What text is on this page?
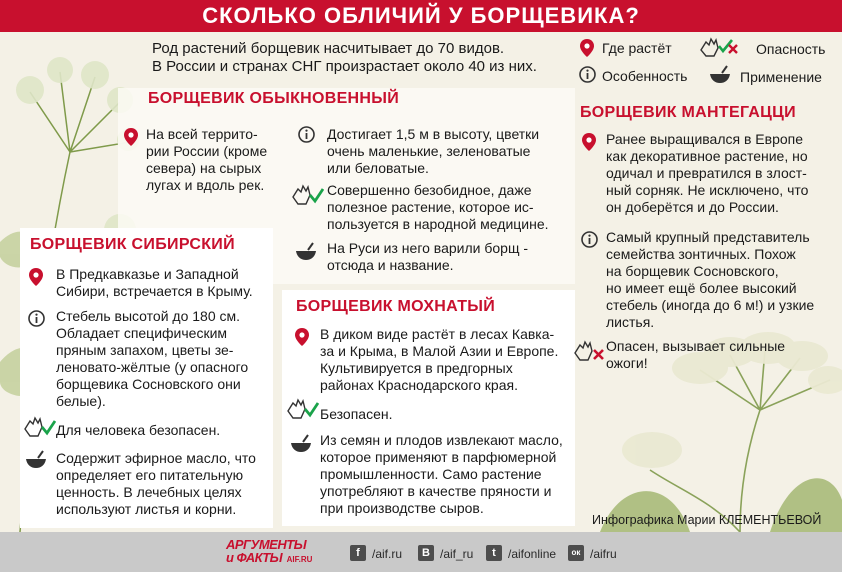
СКОЛЬКО ОБЛИЧИЙ У БОРЩЕВИКА?
Род растений борщевик насчитывает до 70 видов.
В России и странах СНГ произрастает около 40 из них.
Где растёт	Опасность
Особенность	Применение
БОРЩЕВИК ОБЫКНОВЕННЫЙ
На всей террито-
рии России (кроме
севера) на сырых
лугах и вдоль рек.
Достигает 1,5 м в высоту, цветки
очень маленькие, зеленоватые
или беловатые.
Совершенно безобидное, даже
полезное растение, которое ис-
пользуется в народной медицине.
На Руси из него варили борщ -
отсюда и название.
БОРЩЕВИК СИБИРСКИЙ
В Предкавказье и Западной
Сибири, встречается в Крыму.
Стебель высотой до 180 см.
Обладает специфическим
пряным запахом, цветы зе-
леновато-жёлтые (у опасного
борщевика Сосновского они
белые).
Для человека безопасен.
Содержит эфирное масло, что
определяет его питательную
ценность. В лечебных целях
используют листья и корни.
БОРЩЕВИК МОХНАТЫЙ
В диком виде растёт в лесах Кавка-
за и Крыма, в Малой Азии и Европе.
Культивируется в предгорных
районах Краснодарского края.
Безопасен.
Из семян и плодов извлекают масло,
которое применяют в парфюмерной
промышленности. Само растение
употребляют в качестве пряности и
при производстве сыров.
БОРЩЕВИК МАНТЕГАЦЦИ
Ранее выращивался в Европе
как декоративное растение, но
одичал и превратился в злост-
ный сорняк. Не исключено, что
он доберётся и до России.
Самый крупный представитель
семейства зонтичных. Похож
на борщевик Сосновского,
но имеет ещё более высокий
стебель (иногда до 6 м!) и узкие
листья.
Опасен, вызывает сильные
ожоги!
Инфографика Марии КЛЕМЕНТЬЕВОЙ
АРГУМЕНТЫ
и ФАКТЫ AIF.RU
f	/aif.ru	В /aif_ru	t	/aifonline	ок /aifru
